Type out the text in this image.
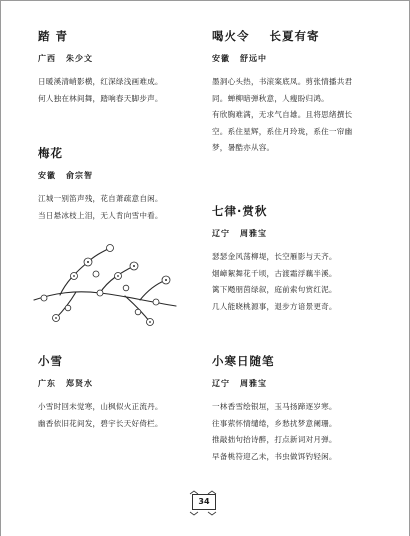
踏 青
广西 朱少文
日暖溪清峭影横，红深绿浅画难成。
何人独在林间舞，踏响春天脚步声。
梅花
安徽 俞宗智
江城一别笛声残，花自萧疏意自闲。
当日悬冰枝上泪，无人肯向雪中看。
小雪
广东 郑贤水
小雪时回未觉寒，山枫似火正流丹。
幽香依旧花间发，碧宇长天好倚栏。
喝火令    长夏有寄
安徽 舒远中
墨洞心头热，书滚案底凤。剪张情播共君
同。蝉柳暗弹秋意，人瘦盼归鸿。
有欣胸难满，无求气自雄。且将思绪撰长
空。系住星辉，系住月玲珑，系住一帘幽
梦，暑酷亦从容。
七律·赏秋
辽宁 周雅宝
瑟瑟金风荡柳堤，长空雁影与天齐。
烟嶂絮舞花千顷，古渡霜浮藕半溪。
篱下飏朋茵绿叙，庭前索句赏红泥。
几人能晓桃源事，退步方谙景更奇。
小寒日随笔
辽宁 周雅宝
一林香雪绘银垣，玉马扬蹄逐岁寒。
往事萦怀情缱绻，乡愁扰梦意阑珊。
推敲拙句抬诗醉，打点新词对月弹。
早备桃符迎乙未，书虫做饵钓轻闲。
34
